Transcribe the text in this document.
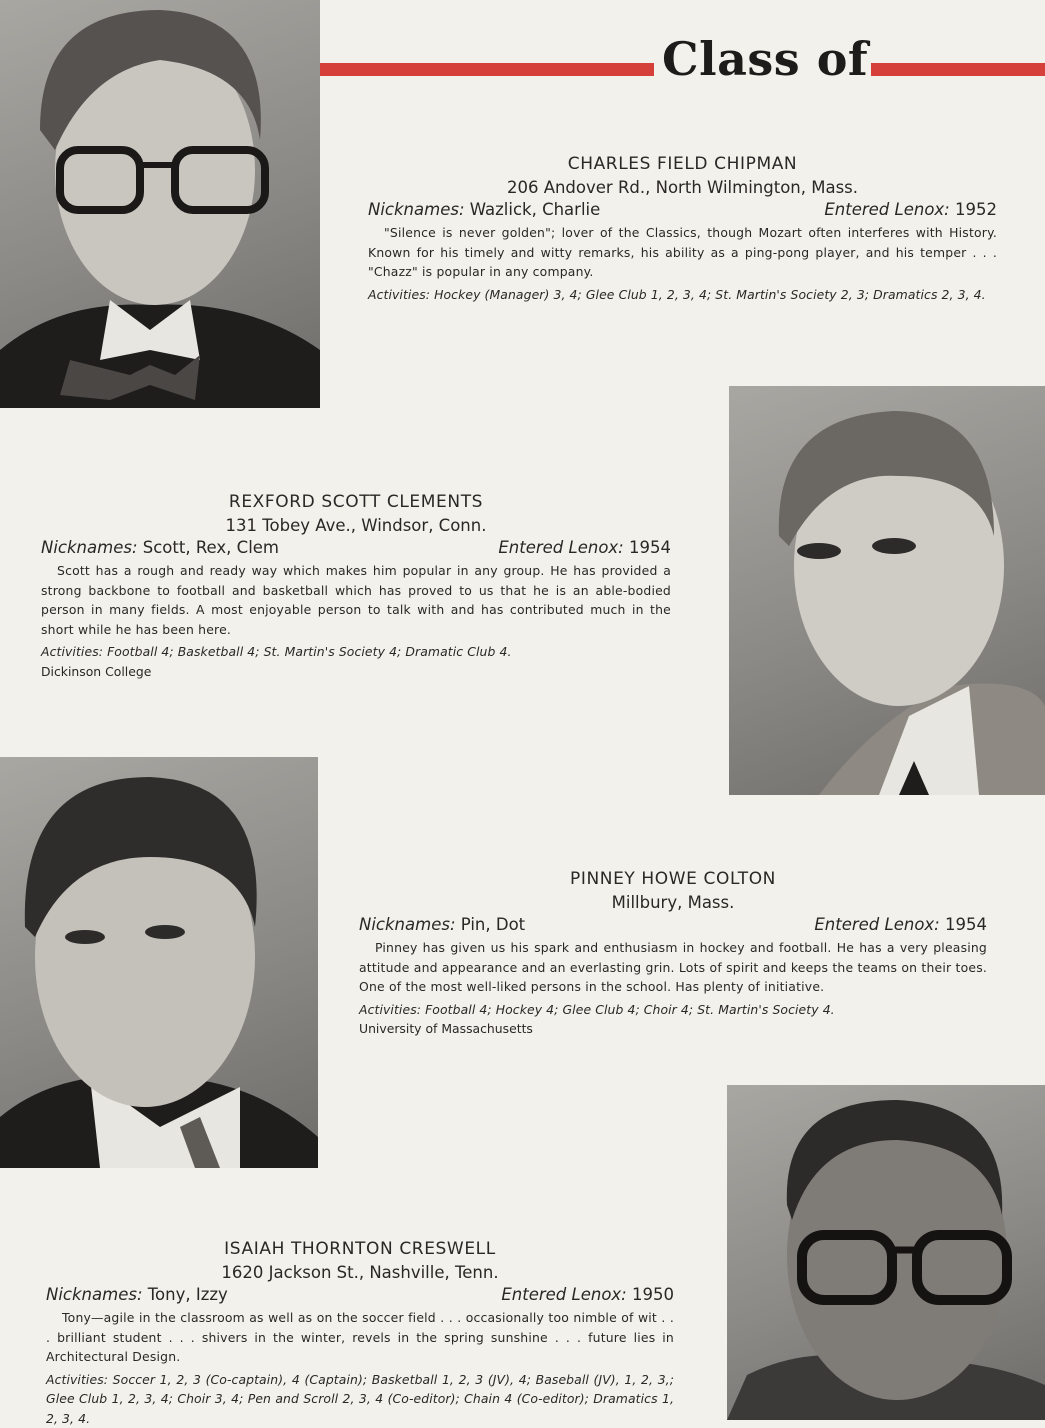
Class of

CHARLES FIELD CHIPMAN

206 Andover Rd., North Wilmington, Mass.

Nicknames: Wazlick, Charlie	Entered Lenox: 1952

"Silence is never golden"; lover of the Classics, though Mozart often interferes with History. Known for his timely and witty remarks, his ability as a ping-pong player, and his temper . . . "Chazz" is popular in any company.

Activities: Hockey (Manager) 3, 4; Glee Club 1, 2, 3, 4; St. Martin's Society 2, 3; Dramatics 2, 3, 4.

REXFORD SCOTT CLEMENTS

131 Tobey Ave., Windsor, Conn.

Nicknames: Scott, Rex, Clem	Entered Lenox: 1954

Scott has a rough and ready way which makes him popular in any group. He has provided a strong backbone to football and basketball which has proved to us that he is an able-bodied person in many fields. A most enjoyable person to talk with and has contributed much in the short while he has been here.

Activities: Football 4; Basketball 4; St. Martin's Society 4; Dramatic Club 4.

Dickinson College

PINNEY HOWE COLTON

Millbury, Mass.

Nicknames: Pin, Dot	Entered Lenox: 1954

Pinney has given us his spark and enthusiasm in hockey and football. He has a very pleasing attitude and appearance and an everlasting grin. Lots of spirit and keeps the teams on their toes. One of the most well-liked persons in the school. Has plenty of initiative.

Activities: Football 4; Hockey 4; Glee Club 4; Choir 4; St. Martin's Society 4.

University of Massachusetts

ISAIAH THORNTON CRESWELL

1620 Jackson St., Nashville, Tenn.

Nicknames: Tony, Izzy	Entered Lenox: 1950

Tony—agile in the classroom as well as on the soccer field . . . occasionally too nimble of wit . . . brilliant student . . . shivers in the winter, revels in the spring sunshine . . . future lies in Architectural Design.

Activities: Soccer 1, 2, 3 (Co-captain), 4 (Captain); Basketball 1, 2, 3 (JV), 4; Baseball (JV), 1, 2, 3,; Glee Club 1, 2, 3, 4; Choir 3, 4; Pen and Scroll 2, 3, 4 (Co-editor); Chain 4 (Co-editor); Dramatics 1, 2, 3, 4.
